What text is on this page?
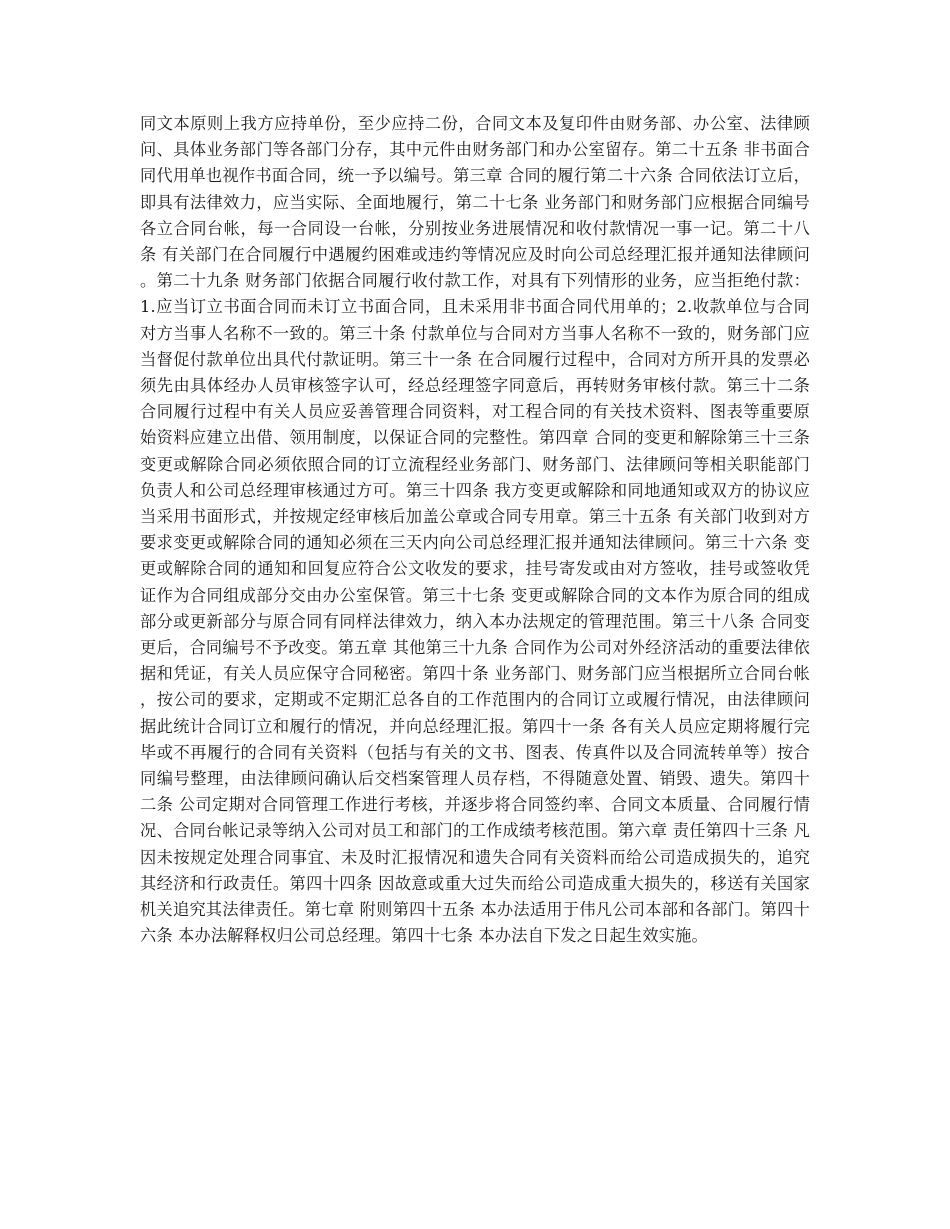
同文本原则上我方应持单份，至少应持二份，合同文本及复印件由财务部、办公室、法律顾问、具体业务部门等各部门分存，其中元件由财务部门和办公室留存。第二十五条 非书面合同代用单也视作书面合同，统一予以编号。第三章 合同的履行第二十六条 合同依法订立后，即具有法律效力，应当实际、全面地履行，第二十七条 业务部门和财务部门应根据合同编号各立合同台帐，每一合同设一台帐，分别按业务进展情况和收付款情况一事一记。第二十八条 有关部门在合同履行中遇履约困难或违约等情况应及时向公司总经理汇报并通知法律顾问。第二十九条 财务部门依据合同履行收付款工作，对具有下列情形的业务，应当拒绝付款：1.应当订立书面合同而未订立书面合同，且未采用非书面合同代用单的；2.收款单位与合同对方当事人名称不一致的。第三十条 付款单位与合同对方当事人名称不一致的，财务部门应当督促付款单位出具代付款证明。第三十一条 在合同履行过程中，合同对方所开具的发票必须先由具体经办人员审核签字认可，经总经理签字同意后，再转财务审核付款。第三十二条 合同履行过程中有关人员应妥善管理合同资料，对工程合同的有关技术资料、图表等重要原始资料应建立出借、领用制度，以保证合同的完整性。第四章 合同的变更和解除第三十三条 变更或解除合同必须依照合同的订立流程经业务部门、财务部门、法律顾问等相关职能部门负责人和公司总经理审核通过方可。第三十四条 我方变更或解除和同地通知或双方的协议应当采用书面形式，并按规定经审核后加盖公章或合同专用章。第三十五条 有关部门收到对方要求变更或解除合同的通知必须在三天内向公司总经理汇报并通知法律顾问。第三十六条 变更或解除合同的通知和回复应符合公文收发的要求，挂号寄发或由对方签收，挂号或签收凭证作为合同组成部分交由办公室保管。第三十七条 变更或解除合同的文本作为原合同的组成部分或更新部分与原合同有同样法律效力，纳入本办法规定的管理范围。第三十八条 合同变更后，合同编号不予改变。第五章 其他第三十九条 合同作为公司对外经济活动的重要法律依据和凭证，有关人员应保守合同秘密。第四十条 业务部门、财务部门应当根据所立合同台帐，按公司的要求，定期或不定期汇总各自的工作范围内的合同订立或履行情况，由法律顾问据此统计合同订立和履行的情况，并向总经理汇报。第四十一条 各有关人员应定期将履行完毕或不再履行的合同有关资料（包括与有关的文书、图表、传真件以及合同流转单等）按合同编号整理，由法律顾问确认后交档案管理人员存档，不得随意处置、销毁、遗失。第四十二条 公司定期对合同管理工作进行考核，并逐步将合同签约率、合同文本质量、合同履行情况、合同台帐记录等纳入公司对员工和部门的工作成绩考核范围。第六章 责任第四十三条 凡因未按规定处理合同事宜、未及时汇报情况和遗失合同有关资料而给公司造成损失的，追究其经济和行政责任。第四十四条 因故意或重大过失而给公司造成重大损失的，移送有关国家机关追究其法律责任。第七章 附则第四十五条 本办法适用于伟凡公司本部和各部门。第四十六条 本办法解释权归公司总经理。第四十七条 本办法自下发之日起生效实施。
